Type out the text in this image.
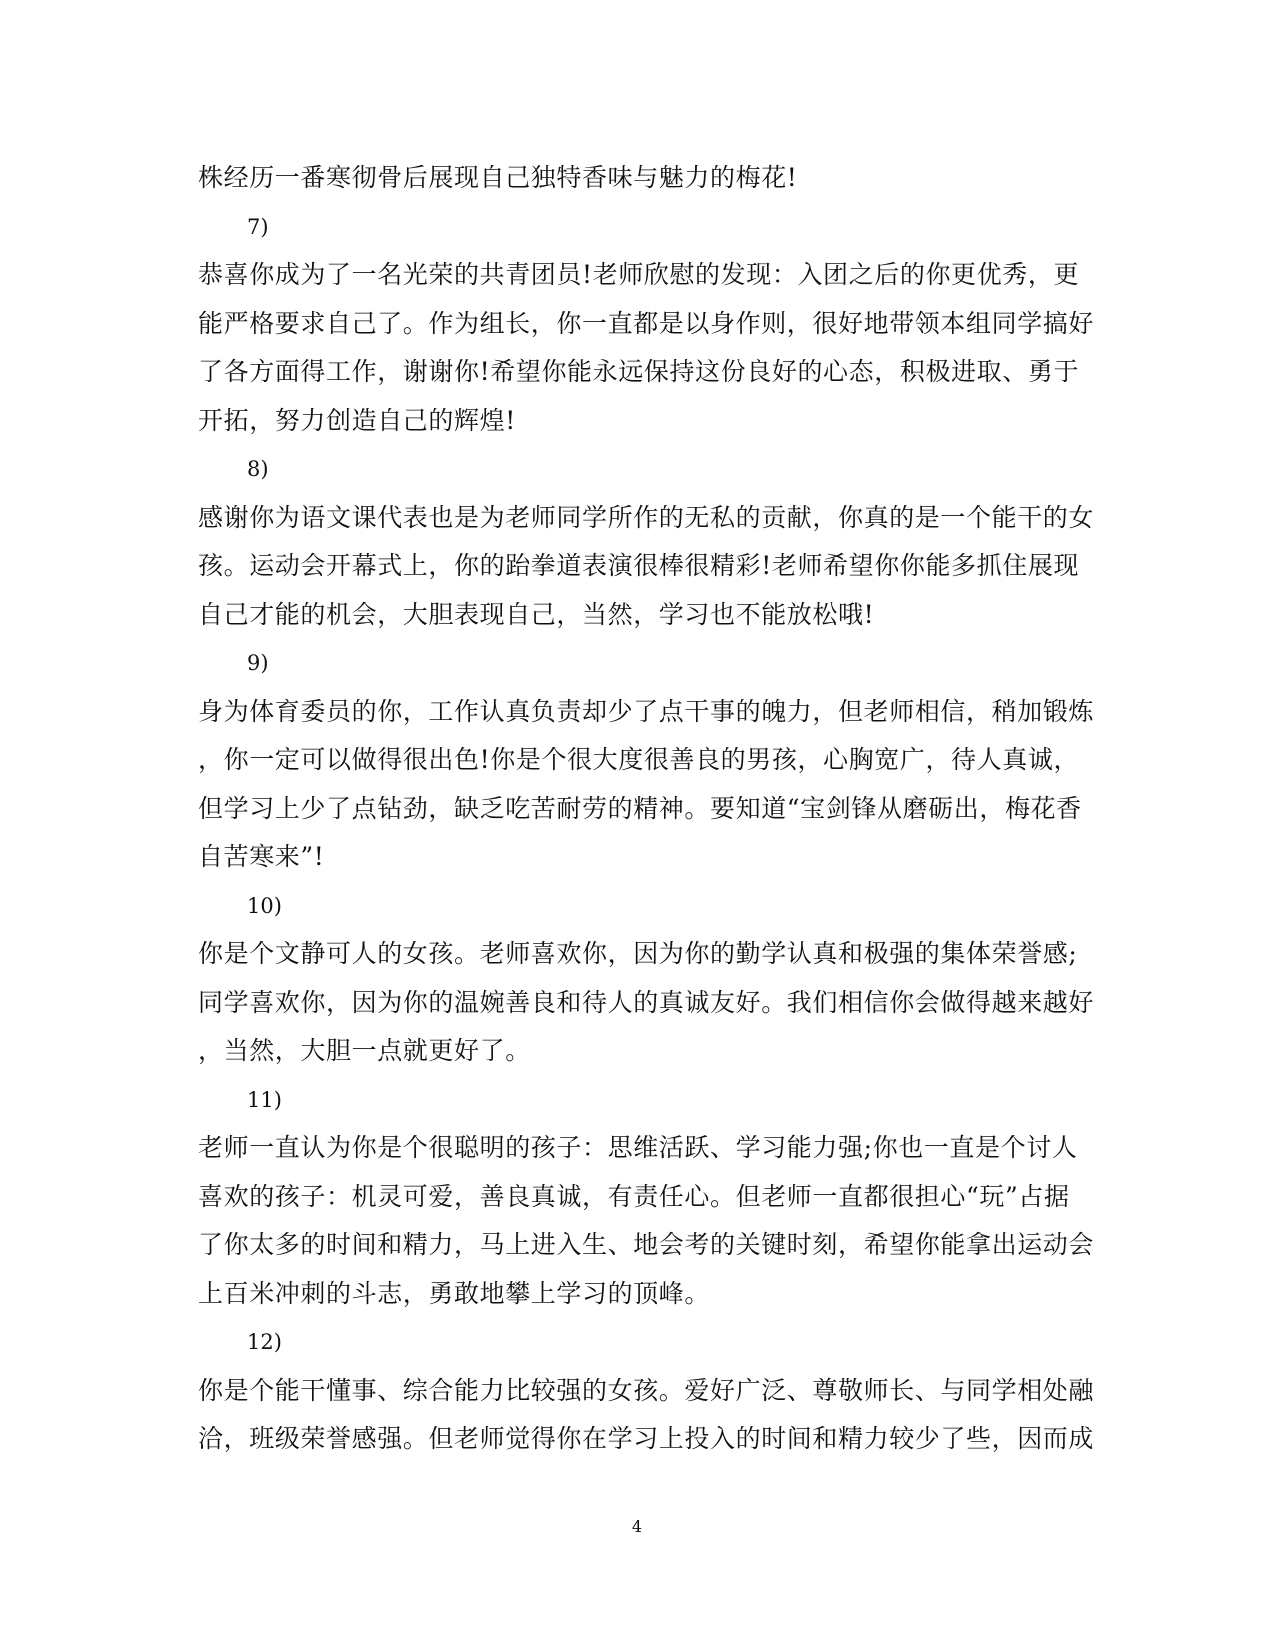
株经历一番寒彻骨后展现自己独特香味与魅力的梅花!
7)
恭喜你成为了一名光荣的共青团员!老师欣慰的发现：入团之后的你更优秀，更
能严格要求自己了。作为组长，你一直都是以身作则，很好地带领本组同学搞好
了各方面得工作，谢谢你!希望你能永远保持这份良好的心态，积极进取、勇于
开拓，努力创造自己的辉煌!
8)
感谢你为语文课代表也是为老师同学所作的无私的贡献，你真的是一个能干的女
孩。运动会开幕式上，你的跆拳道表演很棒很精彩!老师希望你你能多抓住展现
自己才能的机会，大胆表现自己，当然，学习也不能放松哦!
9)
身为体育委员的你，工作认真负责却少了点干事的魄力，但老师相信，稍加锻炼
，你一定可以做得很出色!你是个很大度很善良的男孩，心胸宽广，待人真诚，
但学习上少了点钻劲，缺乏吃苦耐劳的精神。要知道“宝剑锋从磨砺出，梅花香
自苦寒来”!
10)
你是个文静可人的女孩。老师喜欢你，因为你的勤学认真和极强的集体荣誉感;
同学喜欢你，因为你的温婉善良和待人的真诚友好。我们相信你会做得越来越好
，当然，大胆一点就更好了。
11)
老师一直认为你是个很聪明的孩子：思维活跃、学习能力强;你也一直是个讨人
喜欢的孩子：机灵可爱，善良真诚，有责任心。但老师一直都很担心“玩”占据
了你太多的时间和精力，马上进入生、地会考的关键时刻，希望你能拿出运动会
上百米冲刺的斗志，勇敢地攀上学习的顶峰。
12)
你是个能干懂事、综合能力比较强的女孩。爱好广泛、尊敬师长、与同学相处融
洽，班级荣誉感强。但老师觉得你在学习上投入的时间和精力较少了些，因而成
4
